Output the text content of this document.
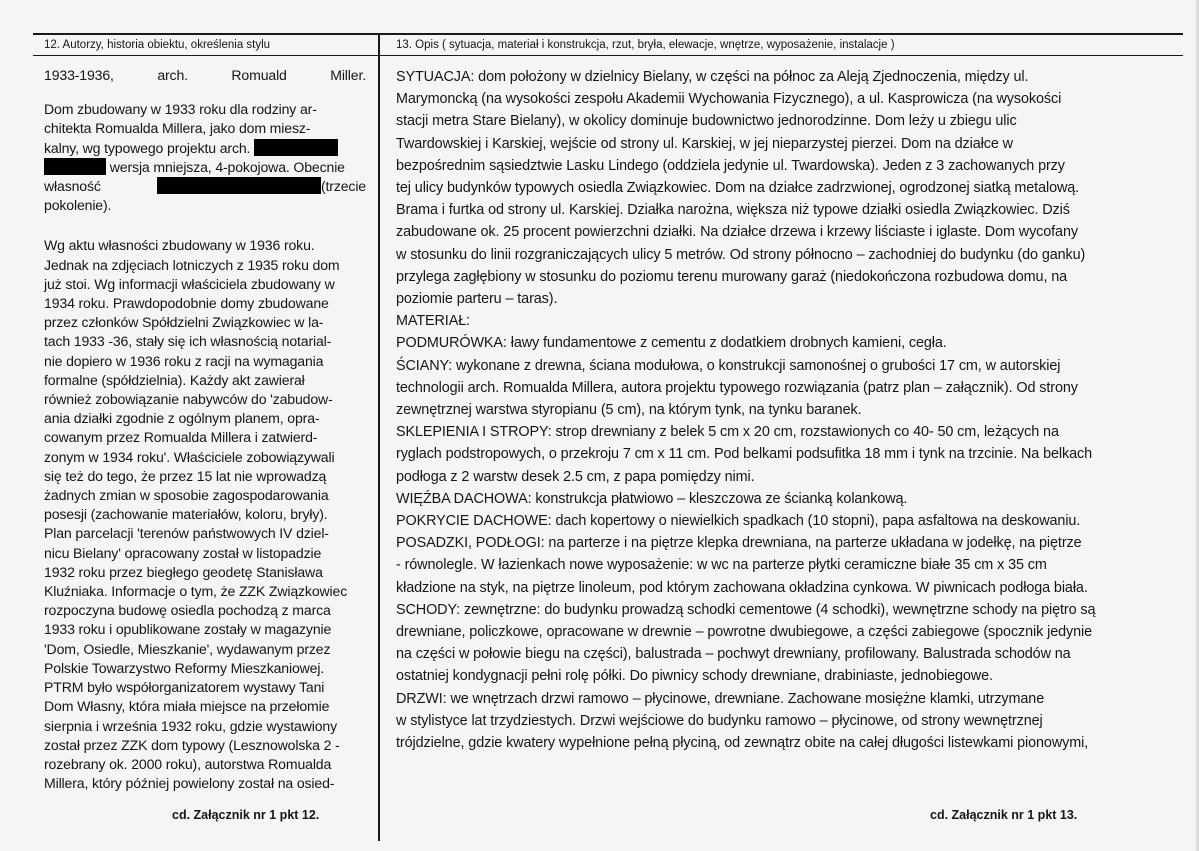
12. Autorzy, historia obiektu, określenia stylu	13. Opis ( sytuacja, materiał i konstrukcja, rzut, bryła, elewacje, wnętrze, wyposażenie, instalacje )
1933-1936,	arch.	Romuald	Miller.

Dom zbudowany w 1933 roku dla rodziny ar-

chitekta Romualda Millera, jako dom miesz-

kalny, wg typowego projektu arch.

wersja mniejsza, 4-pokojowa. Obecnie

własność	(trzecie pokolenie).

Wg aktu własności zbudowany w 1936 roku.

Jednak na zdjęciach lotniczych z 1935 roku dom

już stoi. Wg informacji właściciela zbudowany w

1934 roku. Prawdopodobnie domy zbudowane

przez członków Spółdzielni Związkowiec w la-

tach 1933 -36, stały się ich własnością notarial-

nie dopiero w 1936 roku z racji na wymagania

formalne (spółdzielnia). Każdy akt zawierał

również zobowiązanie nabywców do 'zabudow-

ania działki zgodnie z ogólnym planem, opra-

cowanym przez Romualda Millera i zatwierd-

zonym w 1934 roku'. Właściciele zobowiązywali

się też do tego, że przez 15 lat nie wprowadzą

żadnych zmian w sposobie zagospodarowania

posesji (zachowanie materiałów, koloru, bryły).

Plan parcelacji 'terenów państwowych IV dziel-

nicu Bielany' opracowany został w listopadzie

1932 roku przez biegłego geodetę Stanisława

Kluźniaka. Informacje o tym, że ZZK Związkowiec

rozpoczyna budowę osiedla pochodzą z marca

1933 roku i opublikowane zostały w magazynie

'Dom, Osiedle, Mieszkanie', wydawanym przez

Polskie Towarzystwo Reformy Mieszkaniowej.

PTRM było współorganizatorem wystawy Tani

Dom Własny, która miała miejsce na przełomie

sierpnia i września 1932 roku, gdzie wystawiony

został przez ZZK dom typowy (Lesznowolska 2 -

rozebrany ok. 2000 roku), autorstwa Romualda

Millera, który później powielony został na osied-

SYTUACJA: dom położony w dzielnicy Bielany, w części na północ za Aleją Zjednoczenia, między ul.

Marymoncką (na wysokości zespołu Akademii Wychowania Fizycznego), a ul. Kasprowicza (na wysokości

stacji metra Stare Bielany), w okolicy dominuje budownictwo jednorodzinne. Dom leży u zbiegu ulic

Twardowskiej i Karskiej, wejście od strony ul. Karskiej, w jej nieparzystej pierzei. Dom na działce w

bezpośrednim sąsiedztwie Lasku Lindego (oddziela jedynie ul. Twardowska). Jeden z 3 zachowanych przy

tej ulicy budynków typowych osiedla Związkowiec. Dom na działce zadrzwionej, ogrodzonej siatką metalową.

Brama i furtka od strony ul. Karskiej. Działka narożna, większa niż typowe działki osiedla Związkowiec. Dziś

zabudowane ok. 25 procent powierzchni działki. Na działce drzewa i krzewy liściaste i iglaste. Dom wycofany

w stosunku do linii rozgraniczających ulicy 5 metrów. Od strony północno – zachodniej do budynku (do ganku)

przylega zagłębiony w stosunku do poziomu terenu murowany garaż (niedokończona rozbudowa domu, na

poziomie parteru – taras).

MATERIAŁ:

PODMURÓWKA: ławy fundamentowe z cementu z dodatkiem drobnych kamieni, cegła.

ŚCIANY: wykonane z drewna, ściana modułowa, o konstrukcji samonośnej o grubości 17 cm, w autorskiej

technologii arch. Romualda Millera, autora projektu typowego rozwiązania (patrz plan – załącznik). Od strony

zewnętrznej warstwa styropianu (5 cm), na którym tynk, na tynku baranek.

SKLEPIENIA I STROPY: strop drewniany z belek 5 cm x 20 cm, rozstawionych co 40- 50 cm, leżących na

ryglach podstropowych, o przekroju 7 cm x 11 cm. Pod belkami podsufitka 18 mm i tynk na trzcinie. Na belkach

podłoga z 2 warstw desek 2.5 cm, z papa pomiędzy nimi.

WIĘŹBA DACHOWA: konstrukcja płatwiowo – kleszczowa ze ścianką kolankową.

POKRYCIE DACHOWE: dach kopertowy o niewielkich spadkach (10 stopni), papa asfaltowa na deskowaniu.

POSADZKI, PODŁOGI: na parterze i na piętrze klepka drewniana, na parterze układana w jodełkę, na piętrze

- równolegle. W łazienkach nowe wyposażenie: w wc na parterze płytki ceramiczne białe 35 cm x 35 cm

kładzione na styk, na piętrze linoleum, pod którym zachowana okładzina cynkowa. W piwnicach podłoga biała.

SCHODY: zewnętrzne: do budynku prowadzą schodki cementowe (4 schodki), wewnętrzne schody na piętro są

drewniane, policzkowe, opracowane w drewnie – powrotne dwubiegowe, a części zabiegowe (spocznik jedynie

na części w połowie biegu na części), balustrada – pochwyt drewniany, profilowany. Balustrada schodów na

ostatniej kondygnacji pełni rolę półki. Do piwnicy schody drewniane, drabiniaste, jednobiegowe.

DRZWI: we wnętrzach drzwi ramowo – płycinowe, drewniane. Zachowane mosiężne klamki, utrzymane

w stylistyce lat trzydziestych. Drzwi wejściowe do budynku ramowo – płycinowe, od strony wewnętrznej

trójdzielne, gdzie kwatery wypełnione pełną płyciną, od zewnątrz obite na całej długości listewkami pionowymi,

cd. Załącznik nr 1 pkt 12.	cd. Załącznik nr 1 pkt 13.
